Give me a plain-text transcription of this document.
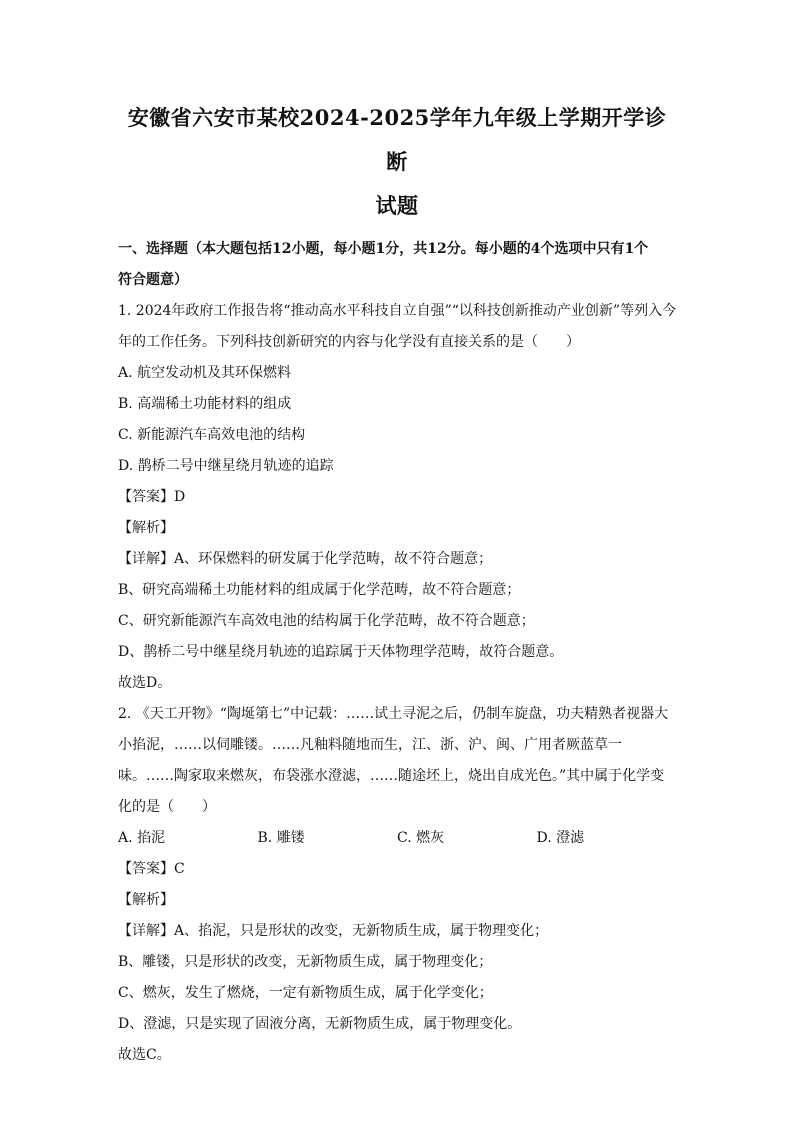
安徽省六安市某校2024-2025学年九年级上学期开学诊断
试题

一、选择题（本大题包括12小题，每小题1分，共12分。每小题的4个选项中只有1个

符合题意）

1. 2024年政府工作报告将“推动高水平科技自立自强”“以科技创新推动产业创新”等列入今

年的工作任务。下列科技创新研究的内容与化学没有直接关系的是（　　）

A. 航空发动机及其环保燃料

B. 高端稀土功能材料的组成

C. 新能源汽车高效电池的结构

D. 鹊桥二号中继星绕月轨迹的追踪

【答案】D

【解析】

【详解】A、环保燃料的研发属于化学范畴，故不符合题意；

B、研究高端稀土功能材料的组成属于化学范畴，故不符合题意；

C、研究新能源汽车高效电池的结构属于化学范畴，故不符合题意；

D、鹊桥二号中继星绕月轨迹的追踪属于天体物理学范畴，故符合题意。

故选D。

2. 《天工开物》“陶埏第七”中记载：……试土寻泥之后，仍制车旋盘，功夫精熟者视器大

小掐泥，……以伺雕镂。……凡釉料随地而生，江、浙、沪、闽、广用者厥蓝草一

味。……陶家取来燃灰，布袋涨水澄滤，……随途坯上，烧出自成光色。”其中属于化学变

化的是（　　）

A. 掐泥	B. 雕镂	C. 燃灰	D. 澄滤

【答案】C

【解析】

【详解】A、掐泥，只是形状的改变，无新物质生成，属于物理变化；

B、雕镂，只是形状的改变，无新物质生成，属于物理变化；

C、燃灰，发生了燃烧，一定有新物质生成，属于化学变化；

D、澄滤，只是实现了固液分离，无新物质生成，属于物理变化。

故选C。
